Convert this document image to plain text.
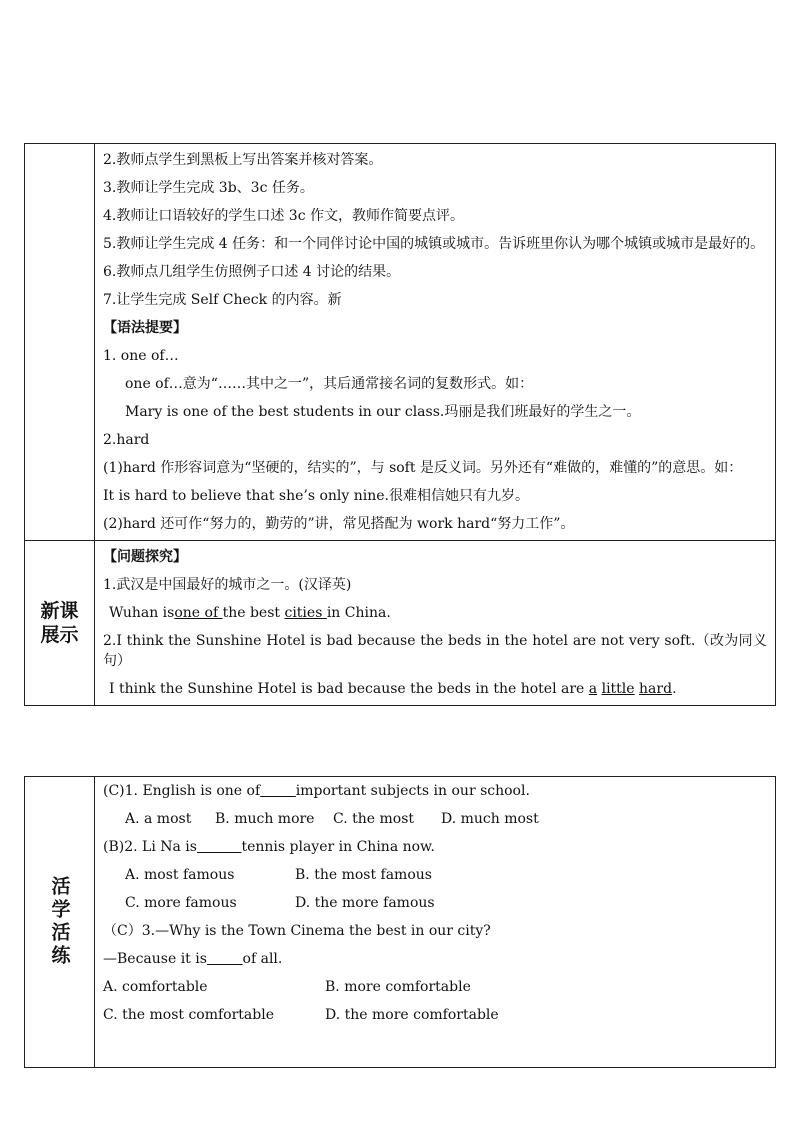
2.教师点学生到黑板上写出答案并核对答案。

3.教师让学生完成 3b、3c 任务。

4.教师让口语较好的学生口述 3c 作文，教师作简要点评。

5.教师让学生完成 4 任务：和一个同伴讨论中国的城镇或城市。告诉班里你认为哪个城镇或城市是最好的。

6.教师点几组学生仿照例子口述 4 讨论的结果。

7.让学生完成 Self Check 的内容。新

【语法提要】

1. one of…

one of…意为“……其中之一”，其后通常接名词的复数形式。如：

Mary is one of the best students in our class.玛丽是我们班最好的学生之一。

2.hard

(1)hard 作形容词意为“坚硬的，结实的”，与 soft 是反义词。另外还有“难做的，难懂的”的意思。如：

It is hard to believe that she’s only nine.很难相信她只有九岁。

(2)hard 还可作“努力的，勤劳的”讲，常见搭配为 work hard“努力工作”。

新课展示

【问题探究】

1.武汉是中国最好的城市之一。(汉译英)

Wuhan isone of the best cities in China.

2.I think the Sunshine Hotel is bad because the beds in the hotel are not very soft.（改为同义句）

I think the Sunshine Hotel is bad because the beds in the hotel are a little hard.

活学活练

(C)1. English is one of	important subjects in our school.

A. a most	B. much more	C. the most	D. much most

(B)2. Li Na is	tennis player in China now.

A. most famous	B. the most famous

C. more famous	D. the more famous

（C）3.—Why is the Town Cinema the best in our city?

—Because it is	of all.

A. comfortable	B. more comfortable

C. the most comfortable	D. the more comfortable
